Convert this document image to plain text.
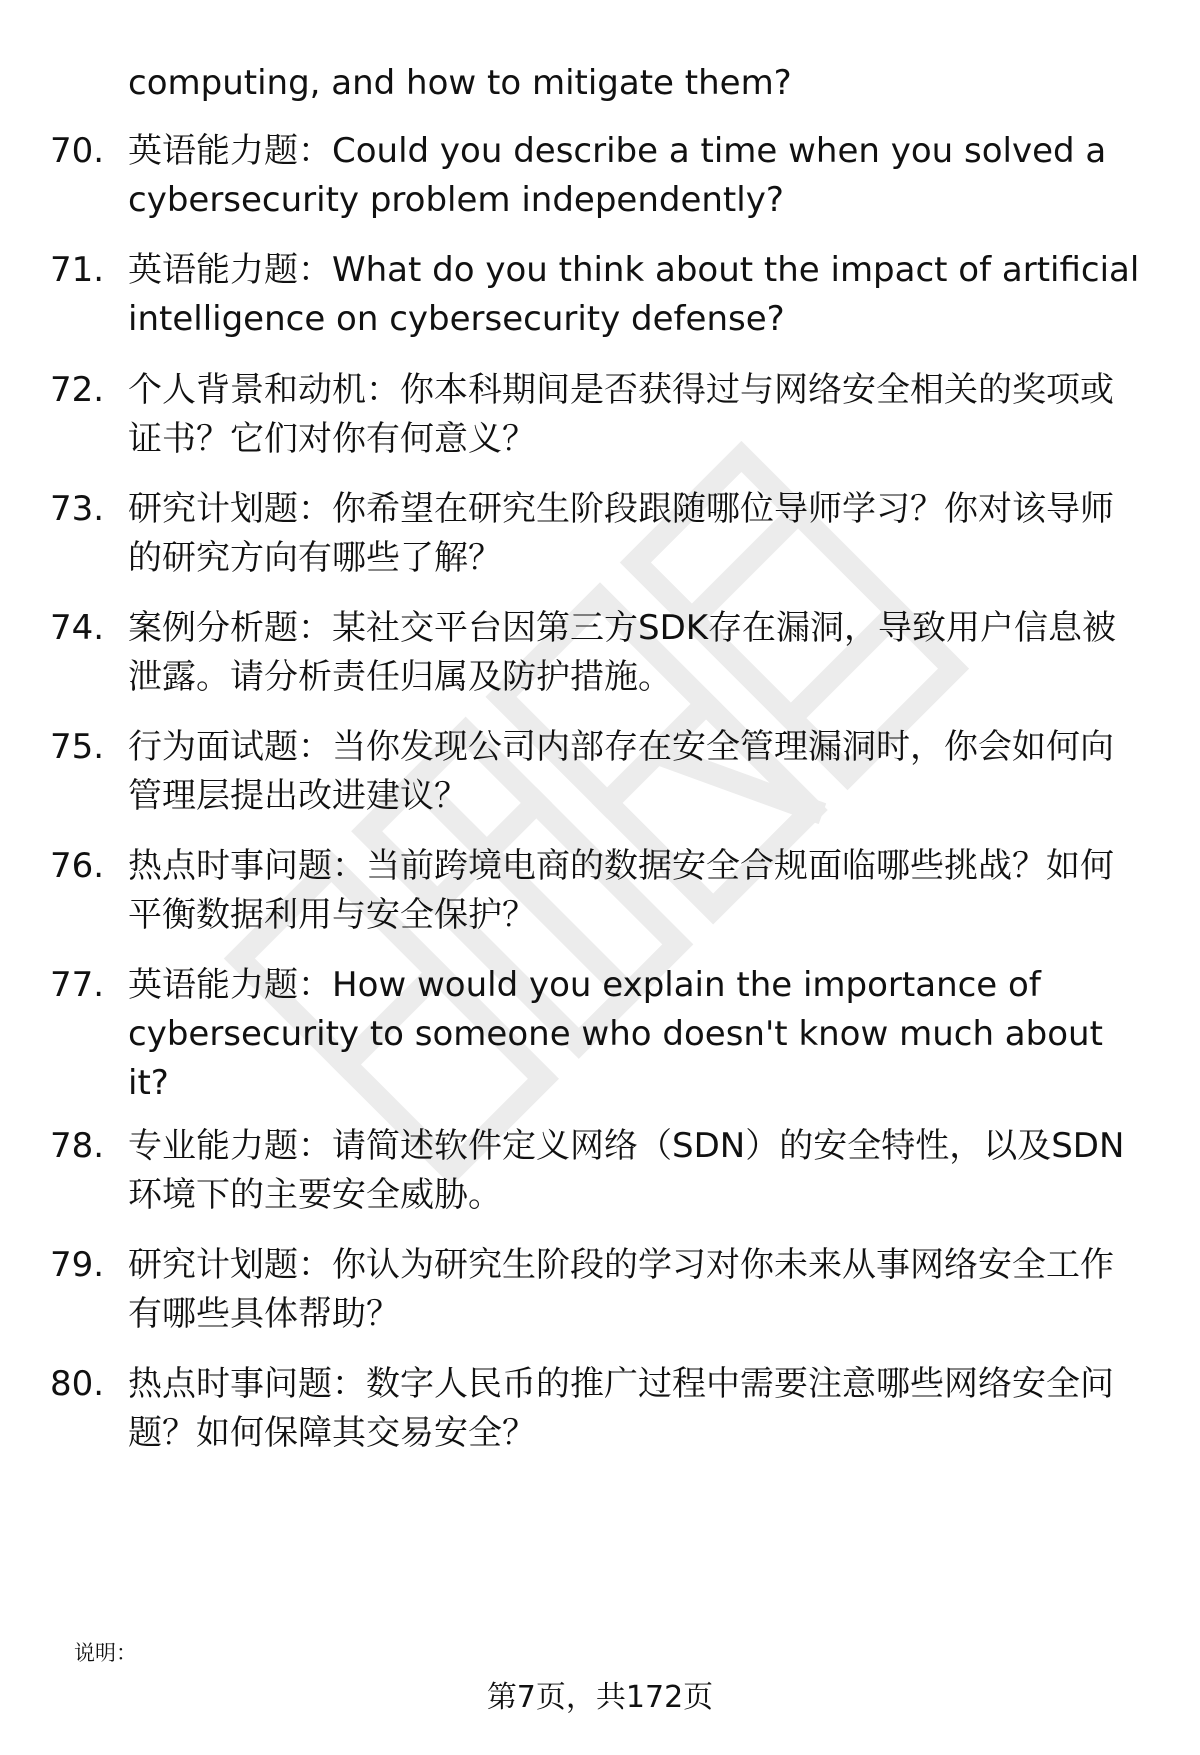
computing, and how to mitigate them?
70. 英语能力题：Could you describe a time when you solved a cybersecurity problem independently?
71. 英语能力题：What do you think about the impact of artificial intelligence on cybersecurity defense?
72. 个人背景和动机：你本科期间是否获得过与网络安全相关的奖项或证书？它们对你有何意义？
73. 研究计划题：你希望在研究生阶段跟随哪位导师学习？你对该导师的研究方向有哪些了解？
74. 案例分析题：某社交平台因第三方SDK存在漏洞，导致用户信息被泄露。请分析责任归属及防护措施。
75. 行为面试题：当你发现公司内部存在安全管理漏洞时，你会如何向管理层提出改进建议？
76. 热点时事问题：当前跨境电商的数据安全合规面临哪些挑战？如何平衡数据利用与安全保护？
77. 英语能力题：How would you explain the importance of cybersecurity to someone who doesn't know much about it?
78. 专业能力题：请简述软件定义网络（SDN）的安全特性，以及SDN环境下的主要安全威胁。
79. 研究计划题：你认为研究生阶段的学习对你未来从事网络安全工作有哪些具体帮助？
80. 热点时事问题：数字人民币的推广过程中需要注意哪些网络安全问题？如何保障其交易安全？
说明：
第7页，共172页
